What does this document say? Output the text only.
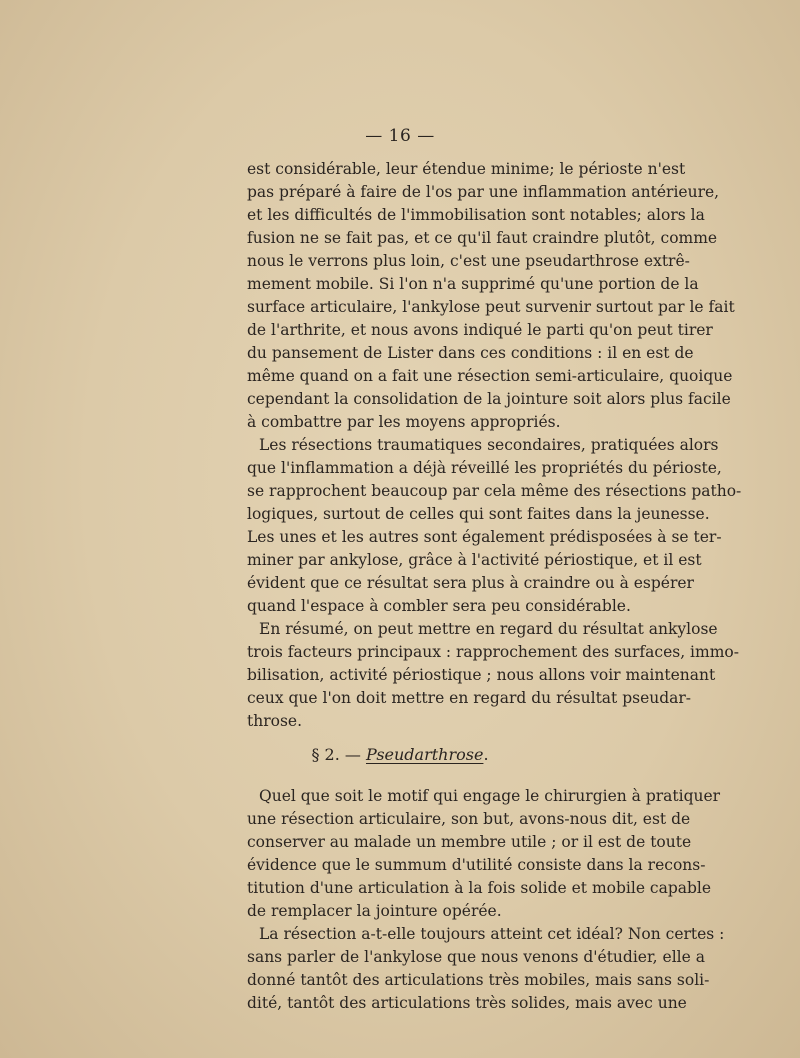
— 16 —
est considérable, leur étendue minime; le périoste n'est
pas préparé à faire de l'os par une inflammation antérieure,
et les difficultés de l'immobilisation sont notables; alors la
fusion ne se fait pas, et ce qu'il faut craindre plutôt, comme
nous le verrons plus loin, c'est une pseudarthrose extrê-
mement mobile. Si l'on n'a supprimé qu'une portion de la
surface articulaire, l'ankylose peut survenir surtout par le fait
de l'arthrite, et nous avons indiqué le parti qu'on peut tirer
du pansement de Lister dans ces conditions : il en est de
même quand on a fait une résection semi-articulaire, quoique
cependant la consolidation de la jointure soit alors plus facile
à combattre par les moyens appropriés.
Les résections traumatiques secondaires, pratiquées alors
que l'inflammation a déjà réveillé les propriétés du périoste,
se rapprochent beaucoup par cela même des résections patho-
logiques, surtout de celles qui sont faites dans la jeunesse.
Les unes et les autres sont également prédisposées à se ter-
miner par ankylose, grâce à l'activité périostique, et il est
évident que ce résultat sera plus à craindre ou à espérer
quand l'espace à combler sera peu considérable.
En résumé, on peut mettre en regard du résultat ankylose
trois facteurs principaux : rapprochement des surfaces, immo-
bilisation, activité périostique ; nous allons voir maintenant
ceux que l'on doit mettre en regard du résultat pseudar-
throse.
§ 2. — Pseudarthrose.
Quel que soit le motif qui engage le chirurgien à pratiquer
une résection articulaire, son but, avons-nous dit, est de
conserver au malade un membre utile ; or il est de toute
évidence que le summum d'utilité consiste dans la recons-
titution d'une articulation à la fois solide et mobile capable
de remplacer la jointure opérée.
La résection a-t-elle toujours atteint cet idéal? Non certes :
sans parler de l'ankylose que nous venons d'étudier, elle a
donné tantôt des articulations très mobiles, mais sans soli-
dité, tantôt des articulations très solides, mais avec une
